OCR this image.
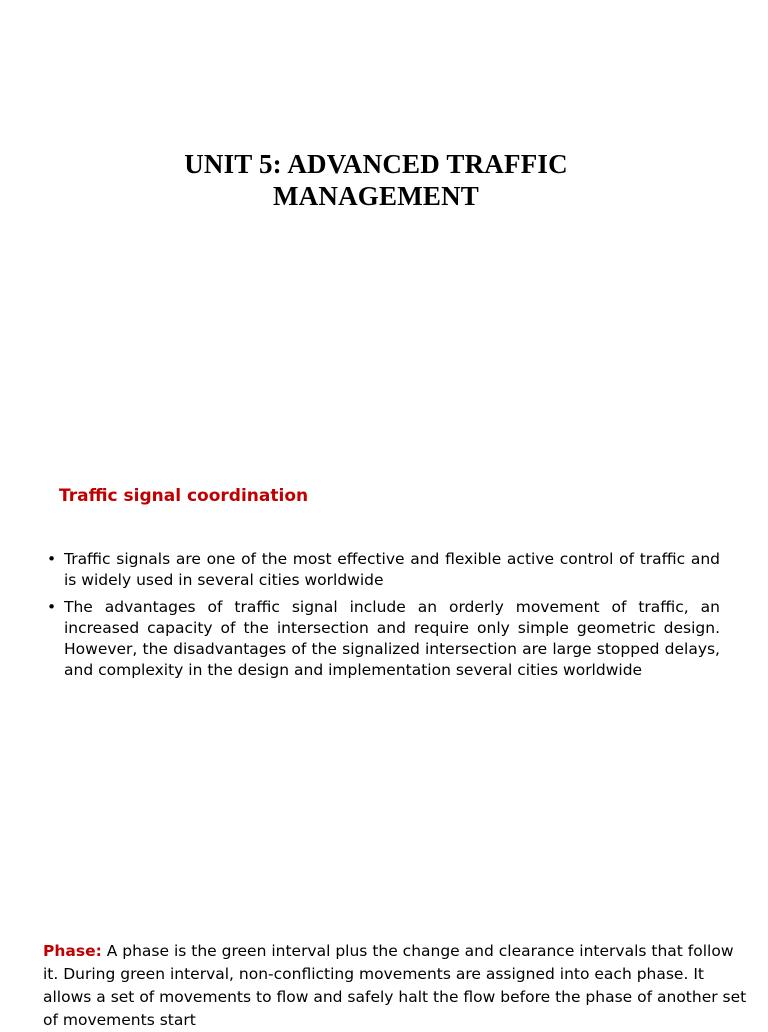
UNIT 5: ADVANCED TRAFFIC
MANAGEMENT
Traffic signal coordination
• Traffic signals are one of the most effective and flexible active control of traffic and is widely used in several cities worldwide
• The advantages of traffic signal include an orderly movement of traffic, an increased capacity of the intersection and require only simple geometric design. However, the disadvantages of the signalized intersection are large stopped delays, and complexity in the design and implementation several cities worldwide

Phase: A phase is the green interval plus the change and clearance intervals that follow it. During green interval, non-conflicting movements are assigned into each phase. It allows a set of movements to flow and safely halt the flow before the phase of another set of movements start
